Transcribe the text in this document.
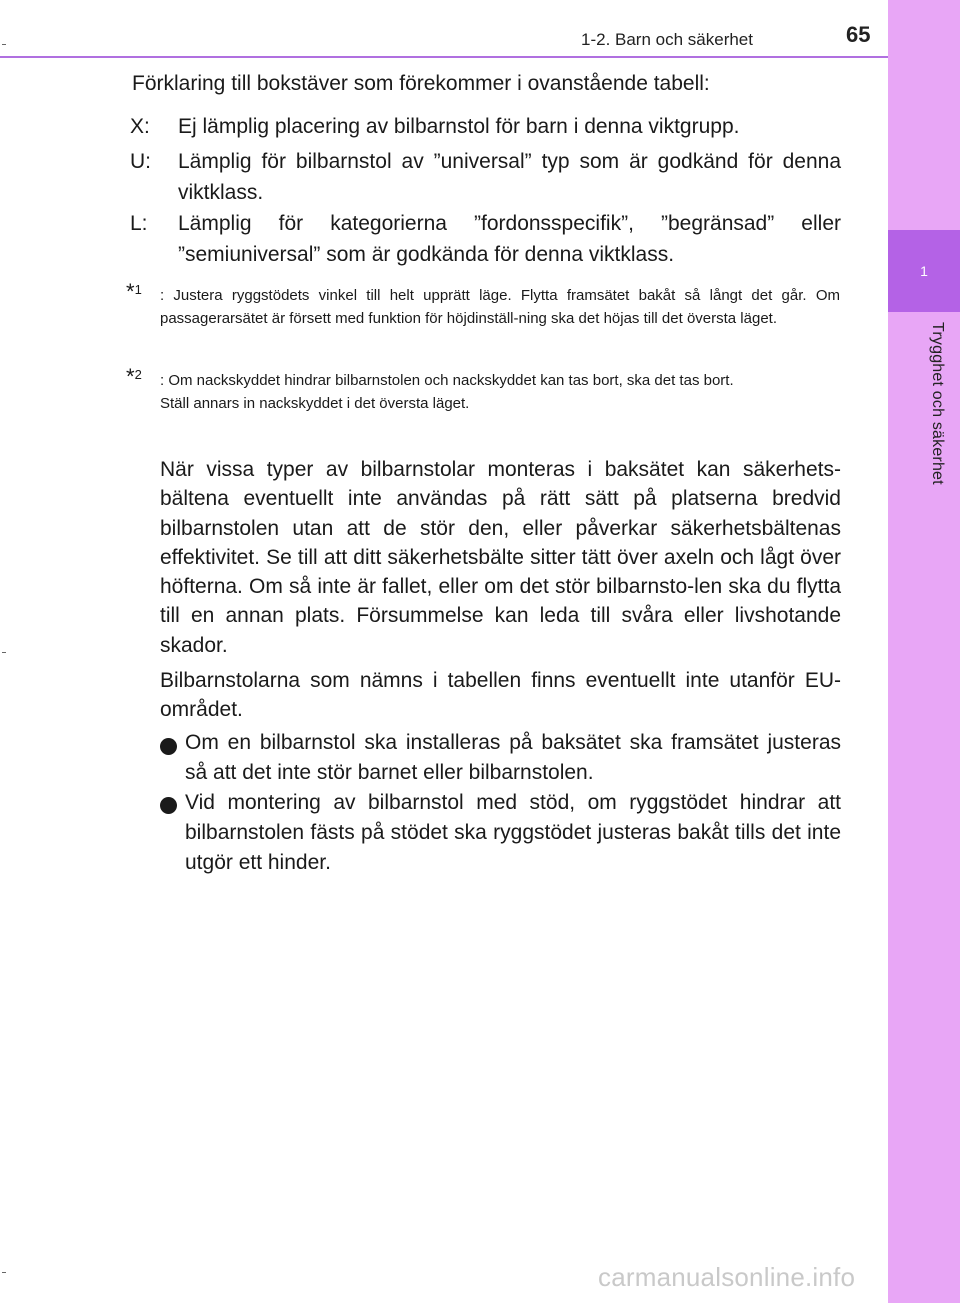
1
Trygghet och säkerhet
1-2. Barn och säkerhet	65
Förklaring till bokstäver som förekommer i ovanstående tabell:
X: Ej lämplig placering av bilbarnstol för barn i denna viktgrupp.
U: Lämplig för bilbarnstol av ”universal” typ som är godkänd för denna viktklass.
L: Lämplig för kategorierna ”fordonsspecifik”, ”begränsad” eller ”semiuniversal” som är godkända för denna viktklass.
*$^1$ : Justera ryggstödets vinkel till helt upprätt läge. Flytta framsätet bakåt så långt det går. Om passagerarsätet är försett med funktion för höjdinställ-ning ska det höjas till det översta läget.
*$^2$ : Om nackskyddet hindrar bilbarnstolen och nackskyddet kan tas bort, ska det tas bort.
Ställ annars in nackskyddet i det översta läget.
När vissa typer av bilbarnstolar monteras i baksätet kan säkerhets-bältena eventuellt inte användas på rätt sätt på platserna bredvid bilbarnstolen utan att de stör den, eller påverkar säkerhetsbältenas effektivitet. Se till att ditt säkerhetsbälte sitter tätt över axeln och lågt över höfterna. Om så inte är fallet, eller om det stör bilbarnsto-len ska du flytta till en annan plats. Försummelse kan leda till svåra eller livshotande skador.
Bilbarnstolarna som nämns i tabellen finns eventuellt inte utanför EU-området.
Om en bilbarnstol ska installeras på baksätet ska framsätet justeras så att det inte stör barnet eller bilbarnstolen.
Vid montering av bilbarnstol med stöd, om ryggstödet hindrar att bilbarnstolen fästs på stödet ska ryggstödet justeras bakåt tills det inte utgör ett hinder.
carmanualsonline.info
